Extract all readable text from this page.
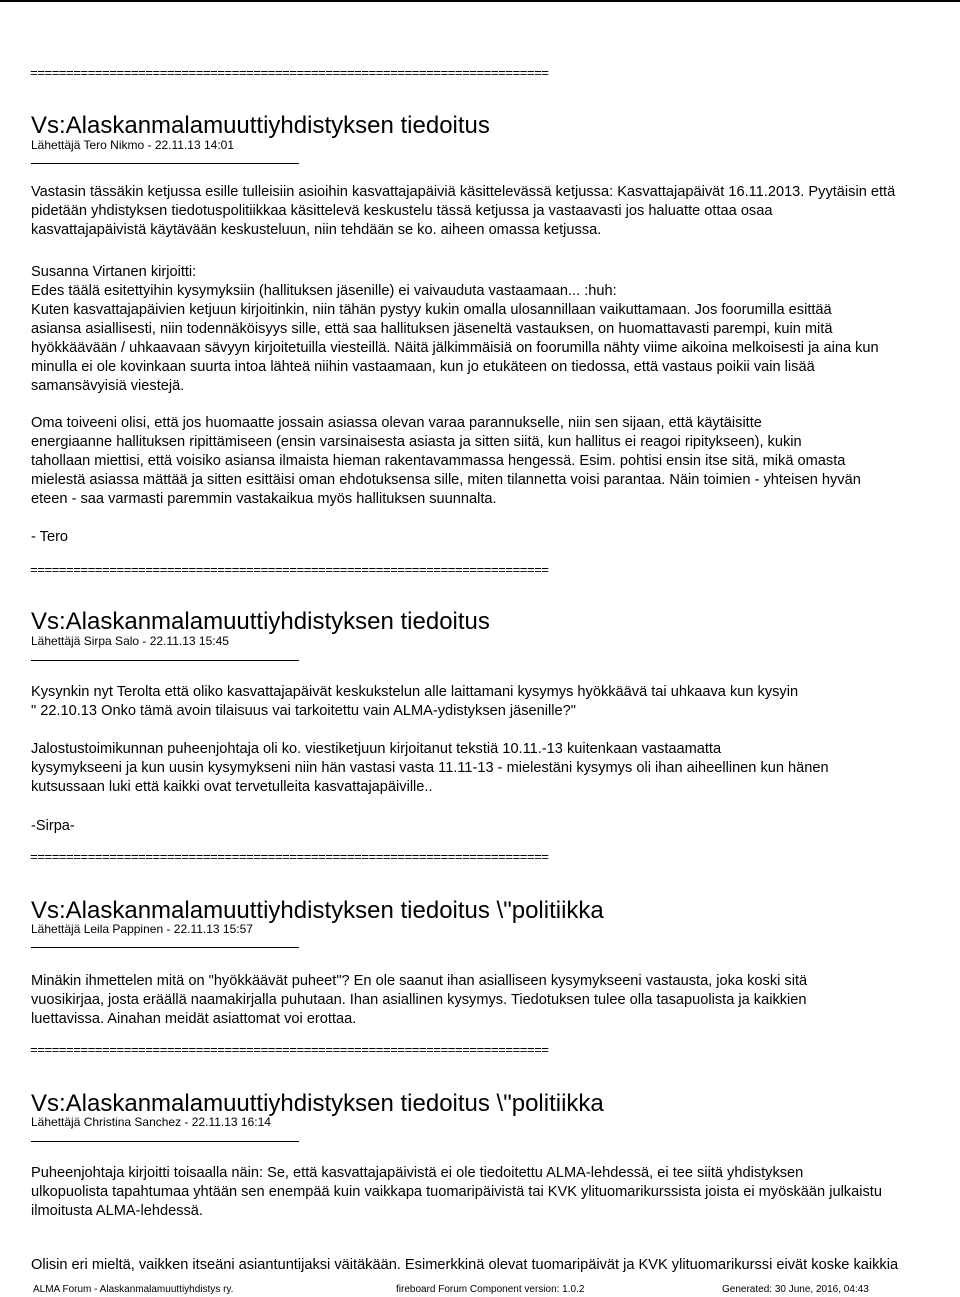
========================================================================
========================================================================
========================================================================
========================================================================
Vs:Alaskanmalamuuttiyhdistyksen tiedoitus
Lähettäjä Tero Nikmo - 22.11.13 14:01
Vastasin tässäkin ketjussa esille tulleisiin asioihin kasvattajapäiviä käsittelevässä ketjussa: Kasvattajapäivät 16.11.2013. Pyytäisin että
pidetään yhdistyksen tiedotuspolitiikkaa käsittelevä keskustelu tässä ketjussa ja vastaavasti jos haluatte ottaa osaa
kasvattajapäivistä käytävään keskusteluun, niin tehdään se ko. aiheen omassa ketjussa.
Susanna Virtanen kirjoitti:
Edes täälä esitettyihin kysymyksiin (hallituksen jäsenille) ei vaivauduta vastaamaan... :huh:
Kuten kasvattajapäivien ketjuun kirjoitinkin, niin tähän pystyy kukin omalla ulosannillaan vaikuttamaan. Jos foorumilla esittää
asiansa asiallisesti, niin todennäköisyys sille, että saa hallituksen jäseneltä vastauksen, on huomattavasti parempi, kuin mitä
hyökkäävään / uhkaavaan sävyyn kirjoitetuilla viesteillä. Näitä jälkimmäisiä on foorumilla nähty viime aikoina melkoisesti ja aina kun
minulla ei ole kovinkaan suurta intoa lähteä niihin vastaamaan, kun jo etukäteen on tiedossa, että vastaus poikii vain lisää
samansävyisiä viestejä.
Oma toiveeni olisi, että jos huomaatte jossain asiassa olevan varaa parannukselle, niin sen sijaan, että käytäisitte
energiaanne hallituksen ripittämiseen (ensin varsinaisesta asiasta ja sitten siitä, kun hallitus ei reagoi ripitykseen), kukin
tahollaan miettisi, että voisiko asiansa ilmaista hieman rakentavammassa hengessä. Esim. pohtisi ensin itse sitä, mikä omasta
mielestä asiassa mättää ja sitten esittäisi oman ehdotuksensa sille, miten tilannetta voisi parantaa. Näin toimien - yhteisen hyvän
eteen - saa varmasti paremmin vastakaikua myös hallituksen suunnalta.
- Tero
Vs:Alaskanmalamuuttiyhdistyksen tiedoitus
Lähettäjä Sirpa Salo - 22.11.13 15:45
Kysynkin nyt Terolta että oliko kasvattajapäivät keskukstelun alle laittamani kysymys hyökkäävä tai uhkaava kun kysyin
" 22.10.13 Onko tämä avoin tilaisuus vai tarkoitettu vain ALMA-ydistyksen jäsenille?"
Jalostustoimikunnan puheenjohtaja oli ko. viestiketjuun kirjoitanut tekstiä 10.11.-13 kuitenkaan vastaamatta
kysymykseeni ja kun uusin kysymykseni niin hän vastasi vasta 11.11-13 - mielestäni kysymys oli ihan aiheellinen kun hänen
kutsussaan luki että kaikki ovat tervetulleita kasvattajapäiville..
-Sirpa-
Vs:Alaskanmalamuuttiyhdistyksen tiedoitus \"politiikka
Lähettäjä Leila Pappinen - 22.11.13 15:57
Minäkin ihmettelen mitä on "hyökkäävät puheet"? En ole saanut ihan asialliseen kysymykseeni vastausta, joka koski sitä
vuosikirjaa, josta eräällä naamakirjalla puhutaan. Ihan asiallinen kysymys. Tiedotuksen tulee olla tasapuolista ja kaikkien
luettavissa. Ainahan meidät asiattomat voi erottaa.
Vs:Alaskanmalamuuttiyhdistyksen tiedoitus \"politiikka
Lähettäjä Christina Sanchez - 22.11.13 16:14
Puheenjohtaja kirjoitti toisaalla näin: Se, että kasvattajapäivistä ei ole tiedoitettu ALMA-lehdessä, ei tee siitä yhdistyksen
ulkopuolista tapahtumaa yhtään sen enempää kuin vaikkapa tuomaripäivistä tai KVK ylituomarikurssista joista ei myöskään julkaistu
ilmoitusta ALMA-lehdessä.
Olisin eri mieltä, vaikken itseäni asiantuntijaksi väitäkään. Esimerkkinä olevat tuomaripäivät ja KVK ylituomarikurssi eivät koske kaikkia
ALMA Forum - Alaskanmalamuuttiyhdistys ry.	fireboard Forum Component version: 1.0.2	Generated: 30 June, 2016, 04:43
